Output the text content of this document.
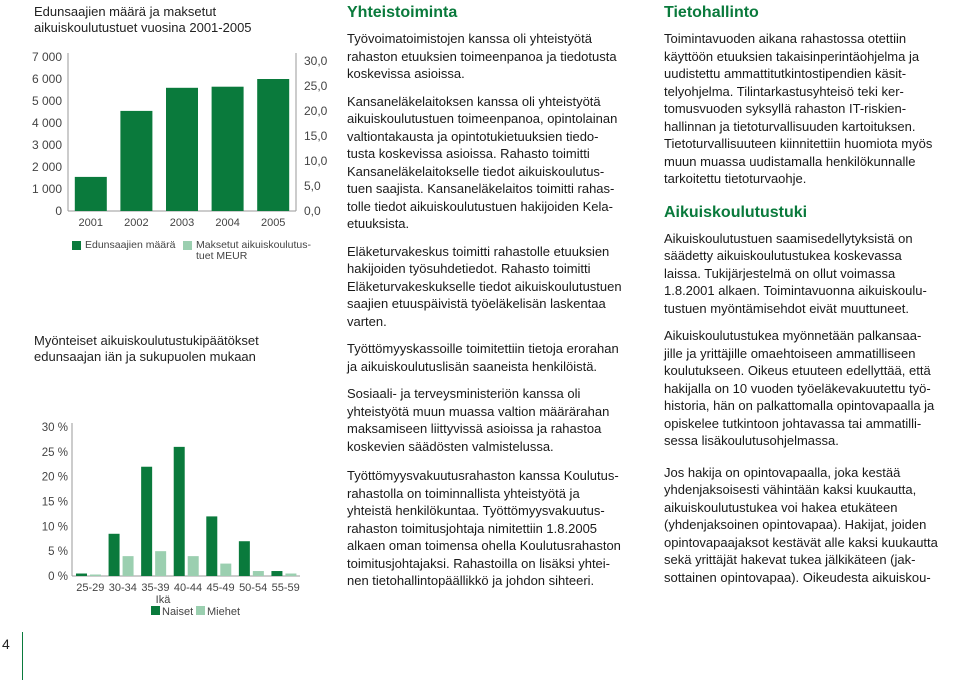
Edunsaajien määrä ja maksetut
aikuiskoulutustuet vuosina 2001-2005
7 000
6 000
5 000
4 000
3 000
2 000
1 000
0
30,0
25,0
20,0
15,0
10,0
5,0
0,0
2001 2002 2003 2004 2005
Edunsaajien määrä	Maksetut aikuiskoulutus-
tuet MEUR
Myönteiset aikuiskoulutustukipäätökset
edunsaajan iän ja sukupuolen mukaan
30 %
25 %
20 %
15 %
10 %
5 %
0 %
25-29 30-34 35-39 40-44 45-49 50-54 55-59
Ikä
Naiset Miehet
Yhteistoiminta

Työvoimatoimistojen kanssa oli yhteistyötä
rahaston etuuksien toimeenpanoa ja tiedotusta
koskevissa asioissa.

Kansaneläkelaitoksen kanssa oli yhteistyötä
aikuiskoulutustuen toimeenpanoa, opintolainan
valtiontakausta ja opintotukietuuksien tiedo-
tusta koskevissa asioissa. Rahasto toimitti
Kansaneläkelaitokselle tiedot aikuiskoulutus-
tuen saajista. Kansaneläkelaitos toimitti rahas-
tolle tiedot aikuiskoulutustuen hakijoiden Kela-
etuuksista.

Eläketurvakeskus toimitti rahastolle etuuksien
hakijoiden työsuhdetiedot. Rahasto toimitti
Eläketurvakeskukselle tiedot aikuiskoulutustuen
saajien etuuspäivistä työeläkelisän laskentaa
varten.

Työttömyyskassoille toimitettiin tietoja erorahan
ja aikuiskoulutuslisän saaneista henkilöistä.

Sosiaali- ja terveysministeriön kanssa oli
yhteistyötä muun muassa valtion määrärahan
maksamiseen liittyvissä asioissa ja rahastoa
koskevien säädösten valmistelussa.

Työttömyysvakuutusrahaston kanssa Koulutus-
rahastolla on toiminnallista yhteistyötä ja
yhteistä henkilökuntaa. Työttömyysvakuutus-
rahaston toimitusjohtaja nimitettiin 1.8.2005
alkaen oman toimensa ohella Koulutusrahaston
toimitusjohtajaksi. Rahastoilla on lisäksi yhtei-
nen tietohallintopäällikkö ja johdon sihteeri.

Tietohallinto

Toimintavuoden aikana rahastossa otettiin
käyttöön etuuksien takaisinperintäohjelma ja
uudistettu ammattitutkintostipendien käsit-
telyohjelma. Tilintarkastusyhteisö teki ker-
tomusvuoden syksyllä rahaston IT-riskien-
hallinnan ja tietoturvallisuuden kartoituksen.
Tietoturvallisuuteen kiinnitettiin huomiota myös
muun muassa uudistamalla henkilökunnalle
tarkoitettu tietoturvaohje.

Aikuiskoulutustuki

Aikuiskoulutustuen saamisedellytyksistä on
säädetty aikuiskoulutustukea koskevassa
laissa. Tukijärjestelmä on ollut voimassa
1.8.2001 alkaen. Toimintavuonna aikuiskoulu-
tustuen myöntämisehdot eivät muuttuneet.

Aikuiskoulutustukea myönnetään palkansaa-
jille ja yrittäjille omaehtoiseen ammatilliseen
koulutukseen. Oikeus etuuteen edellyttää, että
hakijalla on 10 vuoden työeläkevakuutettu työ-
historia, hän on palkattomalla opintovapaalla ja
opiskelee tutkintoon johtavassa tai ammatilli-
sessa lisäkoulutusohjelmassa.

Jos hakija on opintovapaalla, joka kestää
yhdenjaksoisesti vähintään kaksi kuukautta,
aikuiskoulutustukea voi hakea etukäteen
(yhdenjaksoinen opintovapaa). Hakijat, joiden
opintovapaajaksot kestävät alle kaksi kuukautta
sekä yrittäjät hakevat tukea jälkikäteen (jak-
sottainen opintovapaa). Oikeudesta aikuiskou-

4
